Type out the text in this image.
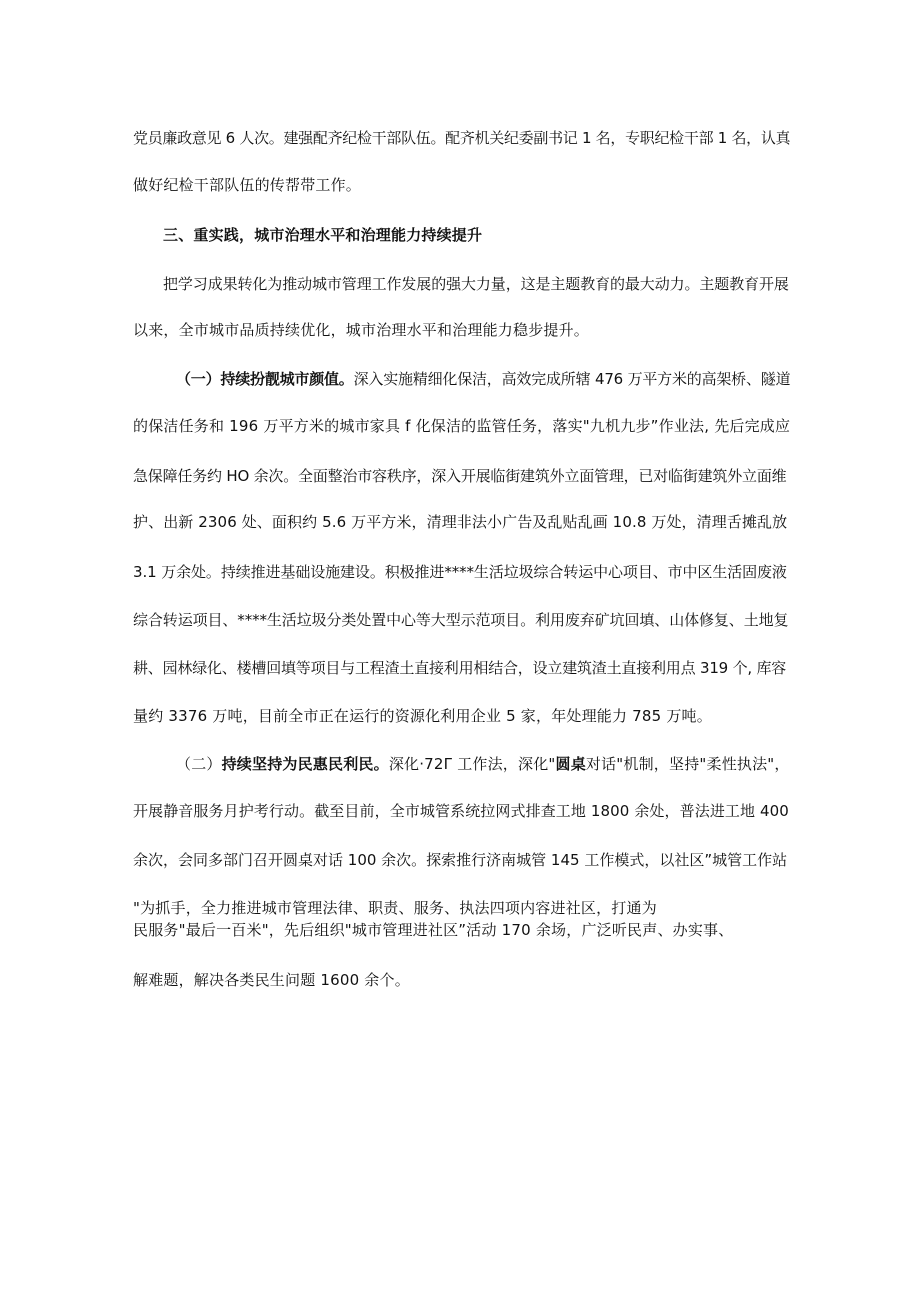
党员廉政意见 6 人次。建强配齐纪检干部队伍。配齐机关纪委副书记 1 名，专职纪检干部 1 名，认真
做好纪检干部队伍的传帮带工作。
三、重实践，城市治理水平和治理能力持续提升
把学习成果转化为推动城市管理工作发展的强大力量，这是主题教育的最大动力。主题教育开展
以来，全市城市品质持续优化，城市治理水平和治理能力稳步提升。
（一）持续扮靓城市颜值。深入实施精细化保洁，高效完成所辖 476 万平方米的高架桥、隧道
的保洁任务和 196 万平方米的城市家具 f 化保洁的监管任务，落实"九机九步”作业法, 先后完成应
急保障任务约 HO 余次。全面整治市容秩序，深入开展临街建筑外立面管理，已对临街建筑外立面维
护、出新 2306 处、面积约 5.6 万平方米，清理非法小广告及乱贴乱画 10.8 万处，清理舌摊乱放
3.1 万余处。持续推进基础设施建设。积极推进****生活垃圾综合转运中心项目、市中区生活固废液
综合转运项目、****生活垃圾分类处置中心等大型示范项目。利用废弃矿坑回填、山体修复、土地复
耕、园林绿化、楼槽回填等项目与工程渣土直接利用相结合，设立建筑渣土直接利用点 319 个, 库容
量约 3376 万吨，目前全市正在运行的资源化利用企业 5 家，年处理能力 785 万吨。
（二）持续坚持为民惠民利民。深化·72Γ 工作法，深化"圆桌对话"机制，坚持"柔性执法"，
开展静音服务月护考行动。截至目前，全市城管系统拉网式排查工地 1800 余处，普法进工地 400
余次，会同多部门召开圆桌对话 100 余次。探索推行济南城管 145 工作模式，以社区”城管工作站
"为抓手，全力推进城市管理法律、职责、服务、执法四项内容进社区，打通为
民服务"最后一百米"，先后组织"城市管理进社区”活动 170 余场，广泛听民声、办实事、
解难题，解决各类民生问题 1600 余个。
